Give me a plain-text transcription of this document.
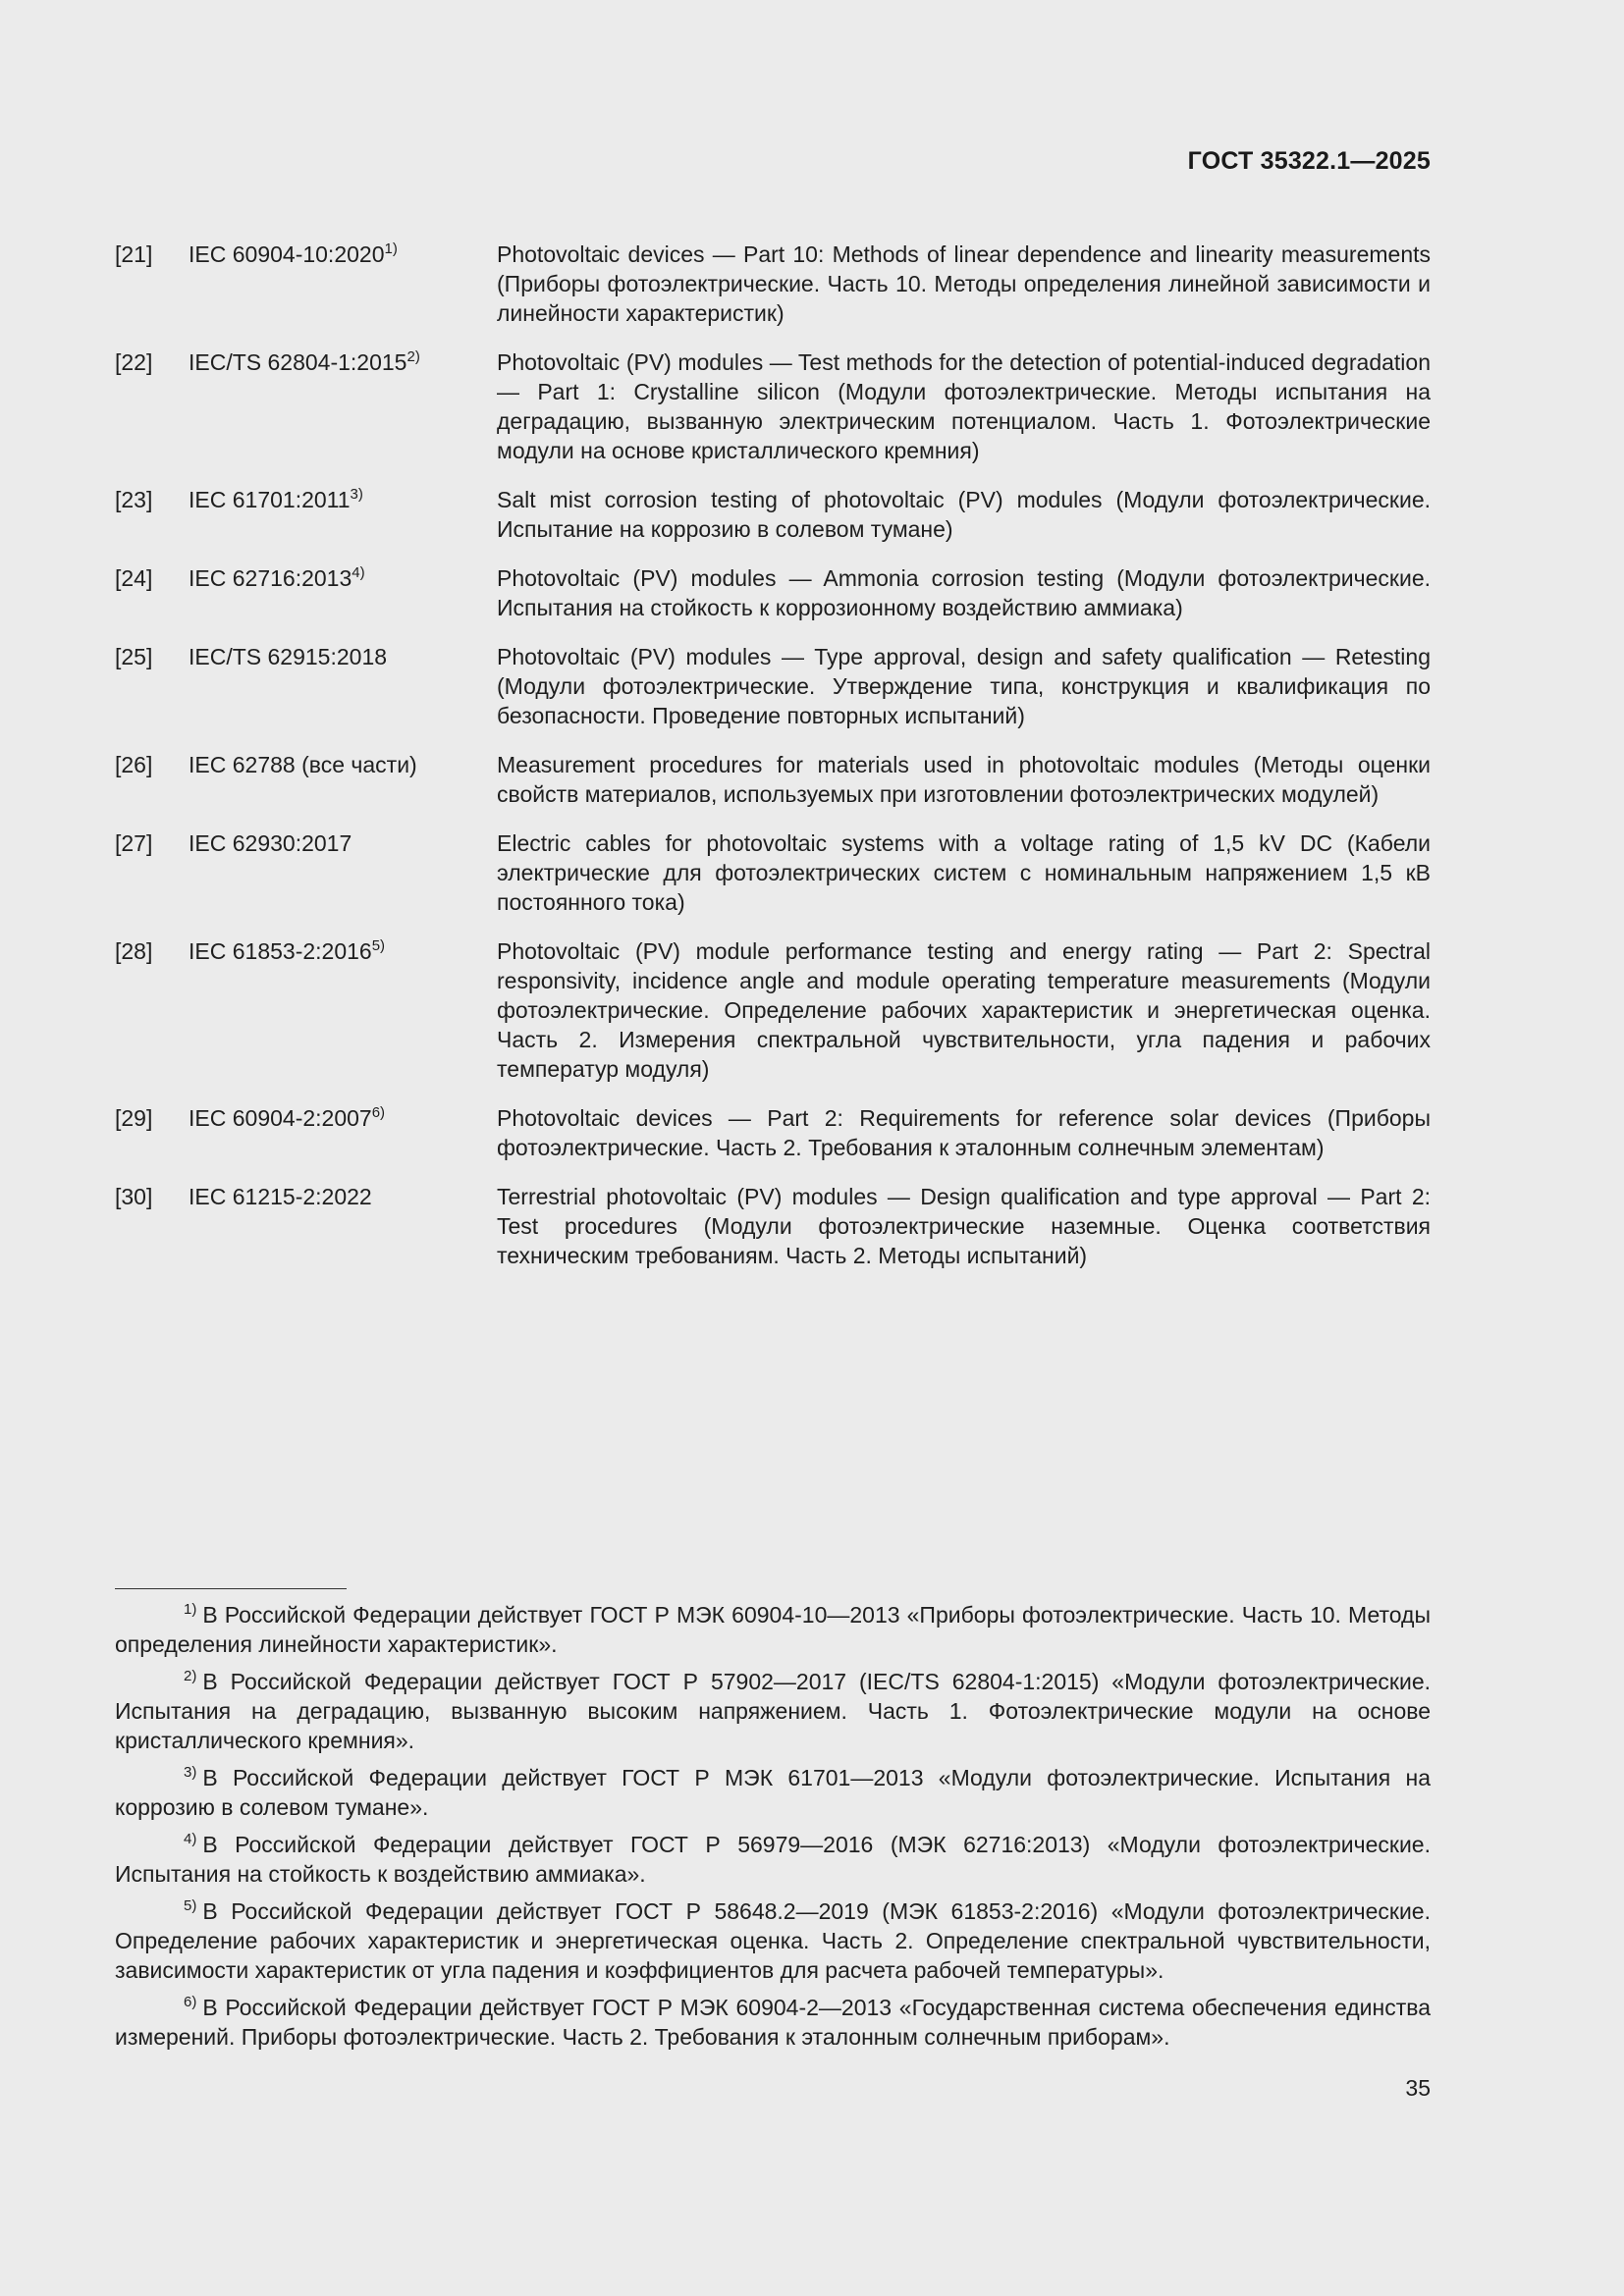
ГОСТ 35322.1—2025
[21]	IEC 60904-10:2020$^{1)}$	Photovoltaic devices — Part 10: Methods of linear dependence and linearity measurements (Приборы фотоэлектрические. Часть 10. Методы определения линейной зависимости и линейности характеристик)
[22]	IEC/TS 62804-1:2015$^{2)}$	Photovoltaic (PV) modules — Test methods for the detection of potential-induced degradation — Part 1: Crystalline silicon (Модули фотоэлектрические. Методы испытания на деградацию, вызванную электрическим потенциалом. Часть 1. Фотоэлектрические модули на основе кристаллического кремния)
[23]	IEC 61701:2011$^{3)}$	Salt mist corrosion testing of photovoltaic (PV) modules (Модули фотоэлектрические. Испытание на коррозию в солевом тумане)
[24]	IEC 62716:2013$^{4)}$	Photovoltaic (PV) modules — Ammonia corrosion testing (Модули фотоэлектрические. Испытания на стойкость к коррозионному воздействию аммиака)
[25]	IEC/TS 62915:2018	Photovoltaic (PV) modules — Type approval, design and safety qualification — Retesting (Модули фотоэлектрические. Утверждение типа, конструкция и квалификация по безопасности. Проведение повторных испытаний)
[26]	IEC 62788 (все части)	Measurement procedures for materials used in photovoltaic modules (Методы оценки свойств материалов, используемых при изготовлении фотоэлектрических модулей)
[27]	IEC 62930:2017	Electric cables for photovoltaic systems with a voltage rating of 1,5 kV DC (Кабели электрические для фотоэлектрических систем с номинальным напряжением 1,5 кВ постоянного тока)
[28]	IEC 61853-2:2016$^{5)}$	Photovoltaic (PV) module performance testing and energy rating — Part 2: Spectral responsivity, incidence angle and module operating temperature measurements (Модули фотоэлектрические. Определение рабочих характеристик и энергетическая оценка. Часть 2. Измерения спектральной чувствительности, угла падения и рабочих температур модуля)
[29]	IEC 60904-2:2007$^{6)}$	Photovoltaic devices — Part 2: Requirements for reference solar devices (Приборы фотоэлектрические. Часть 2. Требования к эталонным солнечным элементам)
[30]	IEC 61215-2:2022	Terrestrial photovoltaic (PV) modules — Design qualification and type approval — Part 2: Test procedures (Модули фотоэлектрические наземные. Оценка соответствия техническим требованиям. Часть 2. Методы испытаний)

$^{1)}$ В Российской Федерации действует ГОСТ Р МЭК 60904-10—2013 «Приборы фотоэлектрические. Часть 10. Методы определения линейности характеристик».

$^{2)}$ В Российской Федерации действует ГОСТ Р 57902—2017 (IEC/TS 62804-1:2015) «Модули фотоэлектрические. Испытания на деградацию, вызванную высоким напряжением. Часть 1. Фотоэлектрические модули на основе кристаллического кремния».

$^{3)}$ В Российской Федерации действует ГОСТ Р МЭК 61701—2013 «Модули фотоэлектрические. Испытания на коррозию в солевом тумане».

$^{4)}$ В Российской Федерации действует ГОСТ Р 56979—2016 (МЭК 62716:2013) «Модули фотоэлектрические. Испытания на стойкость к воздействию аммиака».

$^{5)}$ В Российской Федерации действует ГОСТ Р 58648.2—2019 (МЭК 61853-2:2016) «Модули фотоэлектрические. Определение рабочих характеристик и энергетическая оценка. Часть 2. Определение спектральной чувствительности, зависимости характеристик от угла падения и коэффициентов для расчета рабочей температуры».

$^{6)}$ В Российской Федерации действует ГОСТ Р МЭК 60904-2—2013 «Государственная система обеспечения единства измерений. Приборы фотоэлектрические. Часть 2. Требования к эталонным солнечным приборам».

35
